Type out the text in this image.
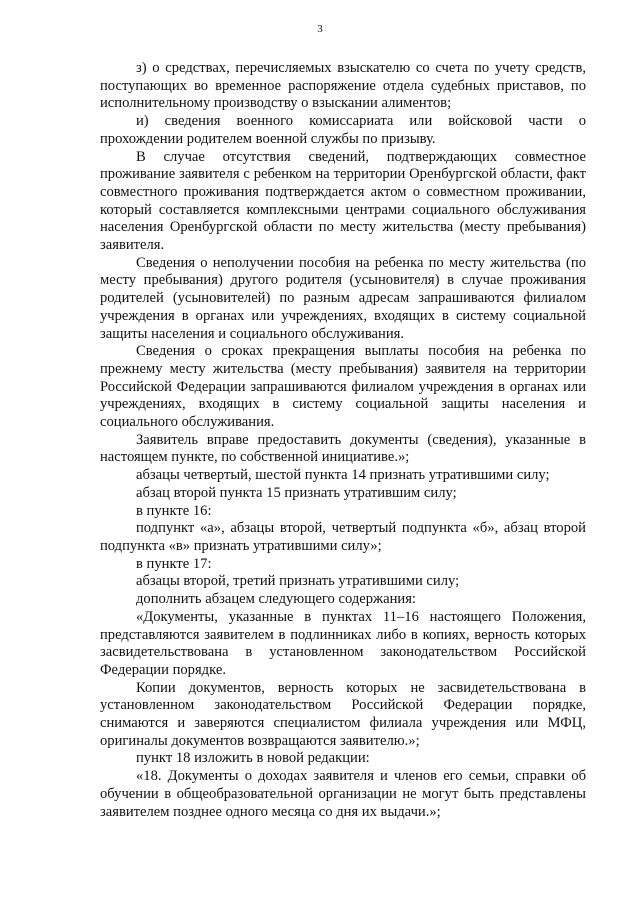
3

з) о средствах, перечисляемых взыскателю со счета по учету средств, поступающих во временное распоряжение отдела судебных приставов, по исполнительному производству о взыскании алиментов;

и) сведения военного комиссариата или войсковой части о прохождении родителем военной службы по призыву.

В случае отсутствия сведений, подтверждающих совместное проживание заявителя с ребенком на территории Оренбургской области, факт совместного проживания подтверждается актом о совместном проживании, который составляется комплексными центрами социального обслуживания населения Оренбургской области по месту жительства (месту пребывания) заявителя.

Сведения о неполучении пособия на ребенка по месту жительства (по месту пребывания) другого родителя (усыновителя) в случае проживания родителей (усыновителей) по разным адресам запрашиваются филиалом учреждения в органах или учреждениях, входящих в систему социальной защиты населения и социального обслуживания.

Сведения о сроках прекращения выплаты пособия на ребенка по прежнему месту жительства (месту пребывания) заявителя на территории Российской Федерации запрашиваются филиалом учреждения в органах или учреждениях, входящих в систему социальной защиты населения и социального обслуживания.

Заявитель вправе предоставить документы (сведения), указанные в настоящем пункте, по собственной инициативе.»;

абзацы четвертый, шестой пункта 14 признать утратившими силу;

абзац второй пункта 15 признать утратившим силу;

в пункте 16:

подпункт «а», абзацы второй, четвертый подпункта «б», абзац второй подпункта «в» признать утратившими силу»;

в пункте 17:

абзацы второй, третий признать утратившими силу;

дополнить абзацем следующего содержания:

«Документы, указанные в пунктах 11–16 настоящего Положения, представляются заявителем в подлинниках либо в копиях, верность которых засвидетельствована в установленном законодательством Российской Федерации порядке.

Копии документов, верность которых не засвидетельствована в установленном законодательством Российской Федерации порядке, снимаются и заверяются специалистом филиала учреждения или МФЦ, оригиналы документов возвращаются заявителю.»;

пункт 18 изложить в новой редакции:

«18. Документы о доходах заявителя и членов его семьи, справки об обучении в общеобразовательной организации не могут быть представлены заявителем позднее одного месяца со дня их выдачи.»;
